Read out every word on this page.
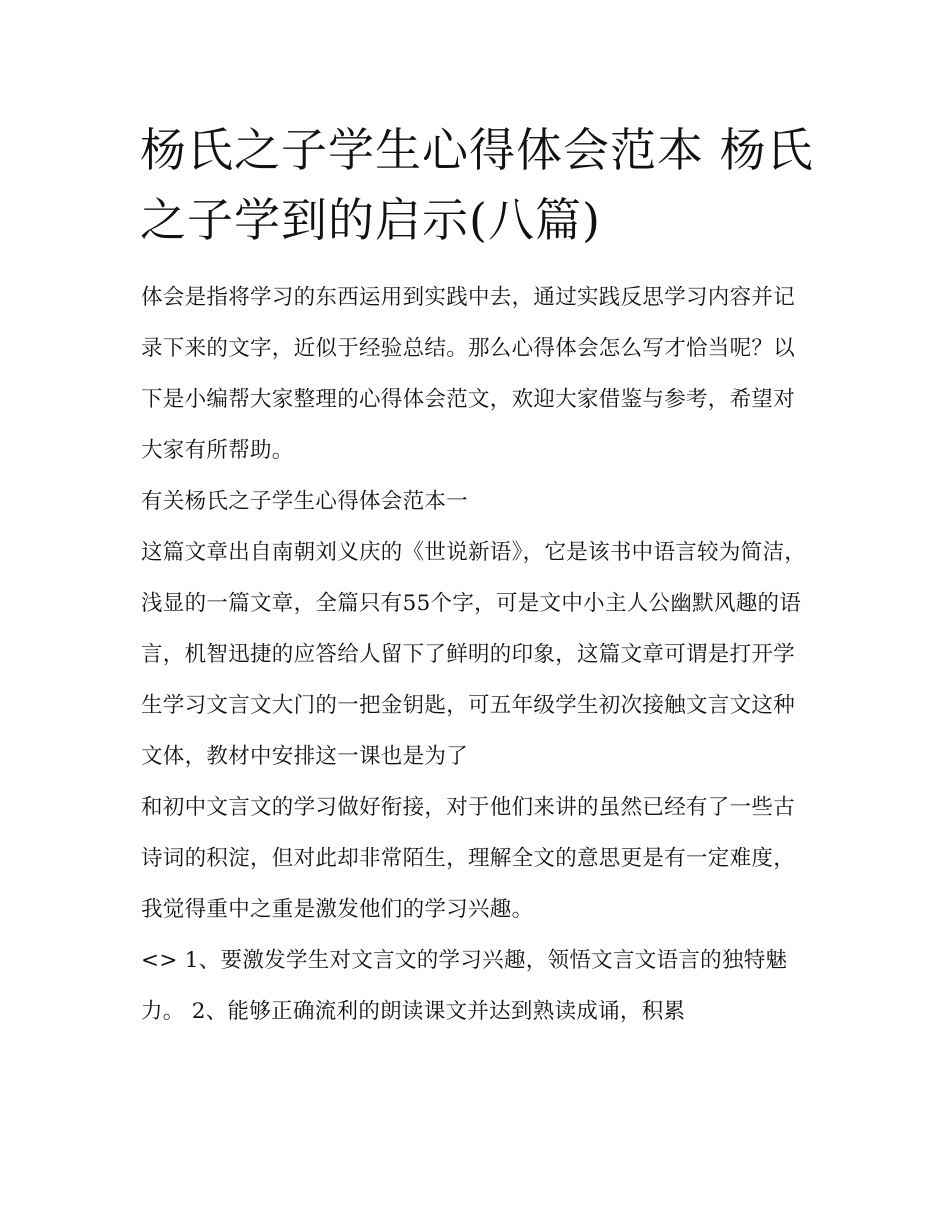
杨氏之子学生心得体会范本 杨氏之子学到的启示(八篇)

体会是指将学习的东西运用到实践中去，通过实践反思学习内容并记录下来的文字，近似于经验总结。那么心得体会怎么写才恰当呢？以下是小编帮大家整理的心得体会范文，欢迎大家借鉴与参考，希望对大家有所帮助。

有关杨氏之子学生心得体会范本一

这篇文章出自南朝刘义庆的《世说新语》，它是该书中语言较为简洁，浅显的一篇文章，全篇只有55个字，可是文中小主人公幽默风趣的语言，机智迅捷的应答给人留下了鲜明的印象，这篇文章可谓是打开学生学习文言文大门的一把金钥匙，可五年级学生初次接触文言文这种文体，教材中安排这一课也是为了

和初中文言文的学习做好衔接，对于他们来讲的虽然已经有了一些古诗词的积淀，但对此却非常陌生，理解全文的意思更是有一定难度，我觉得重中之重是激发他们的学习兴趣。

<> 1、要激发学生对文言文的学习兴趣，领悟文言文语言的独特魅力。 2、能够正确流利的朗读课文并达到熟读成诵，积累
